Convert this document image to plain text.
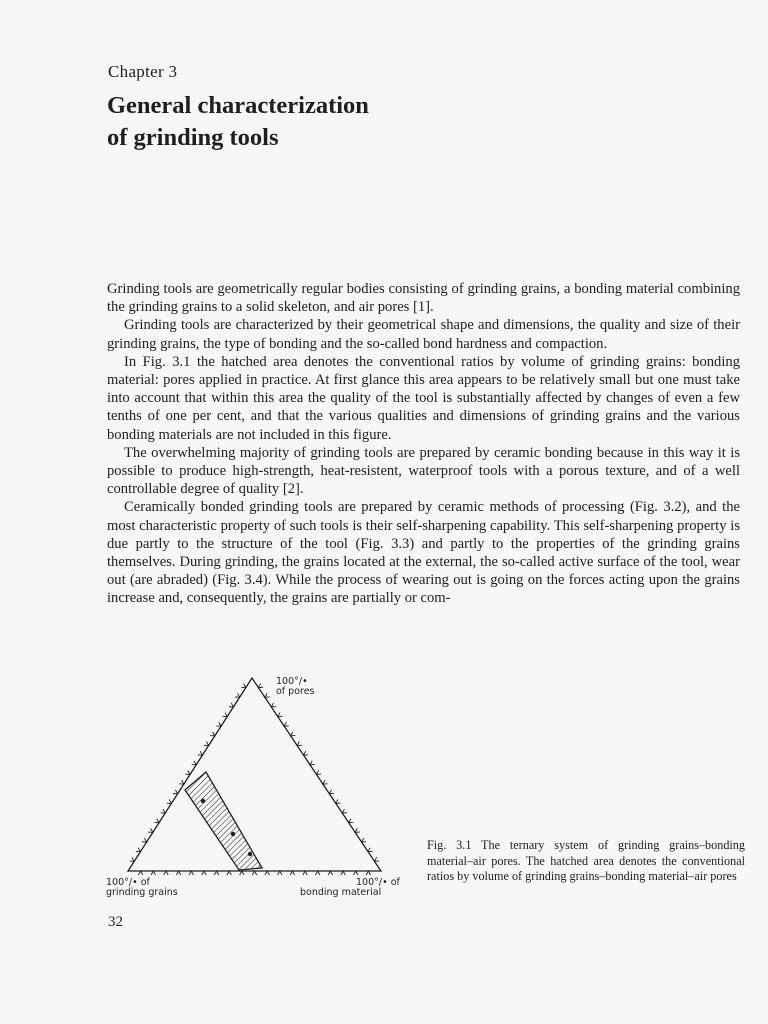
Chapter 3
General characterization
of grinding tools

Grinding tools are geometrically regular bodies consisting of grinding grains, a bonding material combining the grinding grains to a solid skeleton, and air pores [1].

Grinding tools are characterized by their geometrical shape and dimensions, the quality and size of their grinding grains, the type of bonding and the so-called bond hardness and compaction.

In Fig. 3.1 the hatched area denotes the conventional ratios by volume of grinding grains: bonding material: pores applied in practice. At first glance this area appears to be relatively small but one must take into account that within this area the quality of the tool is substantially affected by changes of even a few tenths of one per cent, and that the various qualities and dimensions of grinding grains and the various bonding materials are not included in this figure.

The overwhelming majority of grinding tools are prepared by ceramic bonding because in this way it is possible to produce high-strength, heat-resistent, waterproof tools with a porous texture, and of a well controllable degree of quality [2].

Ceramically bonded grinding tools are prepared by ceramic methods of processing (Fig. 3.2), and the most characteristic property of such tools is their self-sharpening capability. This self-sharpening property is due partly to the structure of the tool (Fig. 3.3) and partly to the properties of the grinding grains themselves. During grinding, the grains located at the external, the so-called active surface of the tool, wear out (are abraded) (Fig. 3.4). While the process of wearing out is going on the forces acting upon the grains increase and, consequently, the grains are partially or com-

100°/•
of pores
100°/• of
grinding grains
100°/• of
bonding material
Fig. 3.1 The ternary system of grinding grains–bonding material–air pores. The hatched area denotes the conventional ratios by volume of grinding grains–bonding material–air pores
32
